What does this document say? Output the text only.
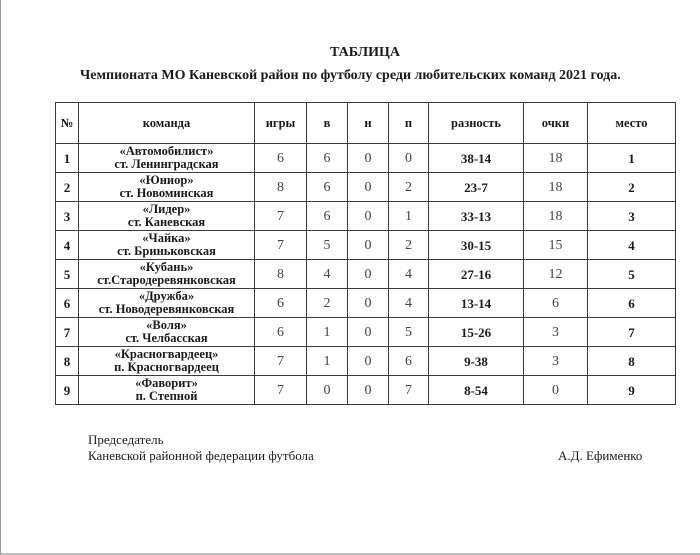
ТАБЛИЦА
Чемпионата МО Каневской район по футболу среди любительских команд 2021 года.
№	команда	игры	в	н	п	разность	очки	место
1	«Автомобилист»
ст. Ленинградская	6	6	0	0	38-14	18	1
2	«Юниор»
ст. Новоминская	8	6	0	2	23-7	18	2
3	«Лидер»
ст. Каневская	7	6	0	1	33-13	18	3
4	«Чайка»
ст. Бриньковская	7	5	0	2	30-15	15	4
5	«Кубань»
ст.Стародеревянковская	8	4	0	4	27-16	12	5
6	«Дружба»
ст. Новодеревянковская	6	2	0	4	13-14	6	6
7	«Воля»
ст. Челбасская	6	1	0	5	15-26	3	7
8	«Красногвардеец»
п. Красногвардеец	7	1	0	6	9-38	3	8
9	«Фаворит»
п. Степной	7	0	0	7	8-54	0	9
Председатель
Каневской районной федерации футбола	А.Д. Ефименко
